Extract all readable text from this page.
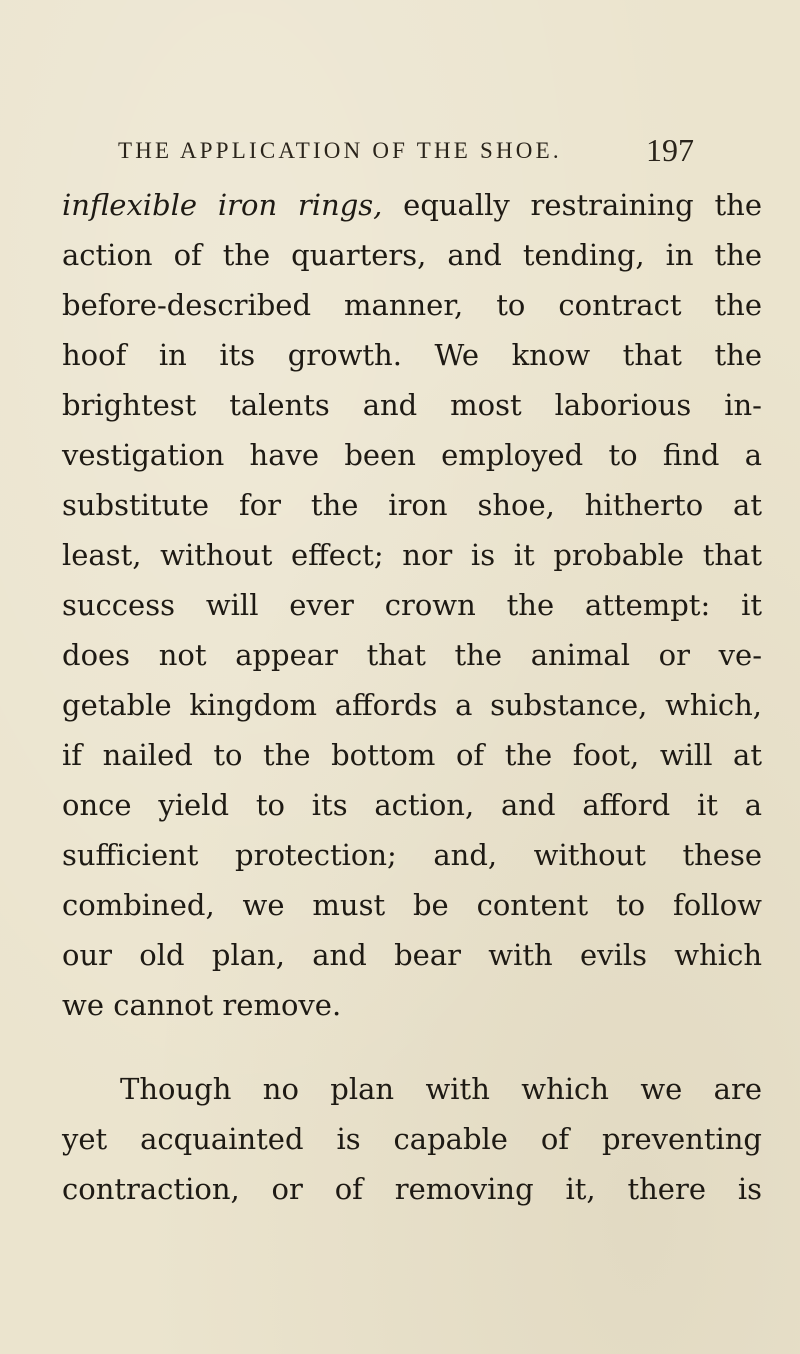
THE APPLICATION OF THE SHOE.	197
inflexible iron rings, equally restraining the
action of the quarters, and tending, in the
before-described manner, to contract the
hoof in its growth. We know that the
brightest talents and most laborious in-
vestigation have been employed to find a
substitute for the iron shoe, hitherto at
least, without effect; nor is it probable that
success will ever crown the attempt: it
does not appear that the animal or ve-
getable kingdom affords a substance, which,
if nailed to the bottom of the foot, will at
once yield to its action, and afford it a
sufficient protection; and, without these
combined, we must be content to follow
our old plan, and bear with evils which
we cannot remove.
Though no plan with which we are
yet acquainted is capable of preventing
contraction, or of removing it, there is
